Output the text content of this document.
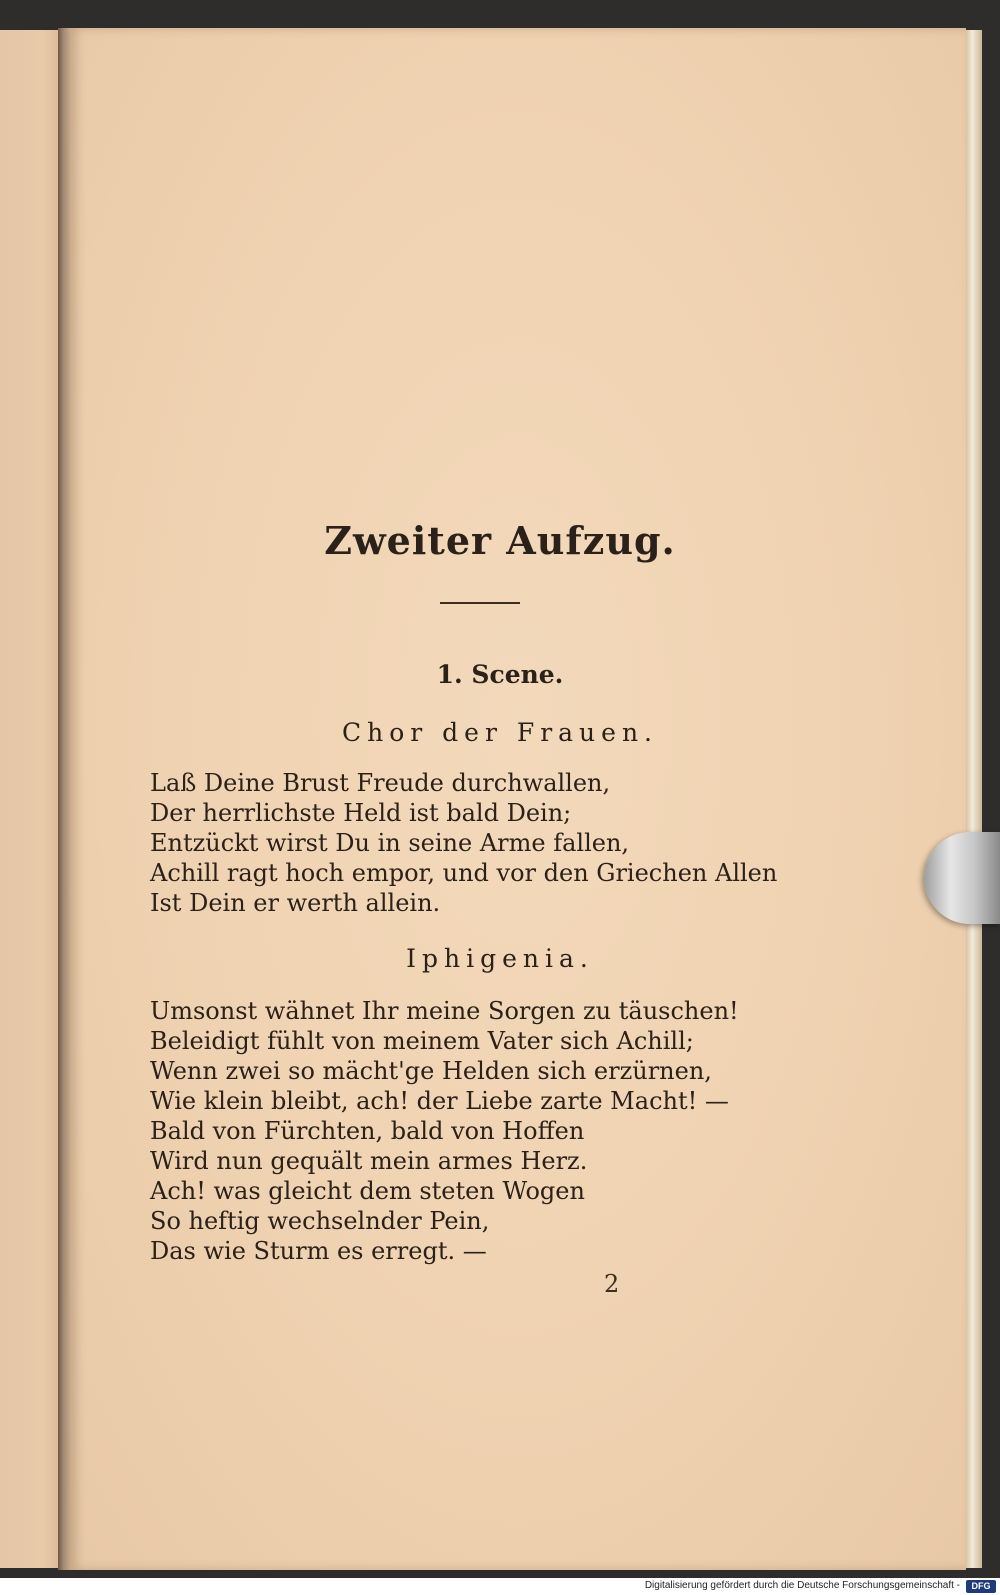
Zweiter Aufzug.
1. Scene.
Chor der Frauen.
Laß Deine Brust Freude durchwallen,
Der herrlichste Held ist bald Dein;
Entzückt wirst Du in seine Arme fallen,
Achill ragt hoch empor, und vor den Griechen Allen
Ist Dein er werth allein.
Iphigenia.
Umsonst wähnet Ihr meine Sorgen zu täuschen!
Beleidigt fühlt von meinem Vater sich Achill;
Wenn zwei so mächt'ge Helden sich erzürnen,
Wie klein bleibt, ach! der Liebe zarte Macht! —
Bald von Fürchten, bald von Hoffen
Wird nun gequält mein armes Herz.
Ach! was gleicht dem steten Wogen
So heftig wechselnder Pein,
Das wie Sturm es erregt. —
2
Digitalisierung gefördert durch die Deutsche Forschungsgemeinschaft -	DFG
